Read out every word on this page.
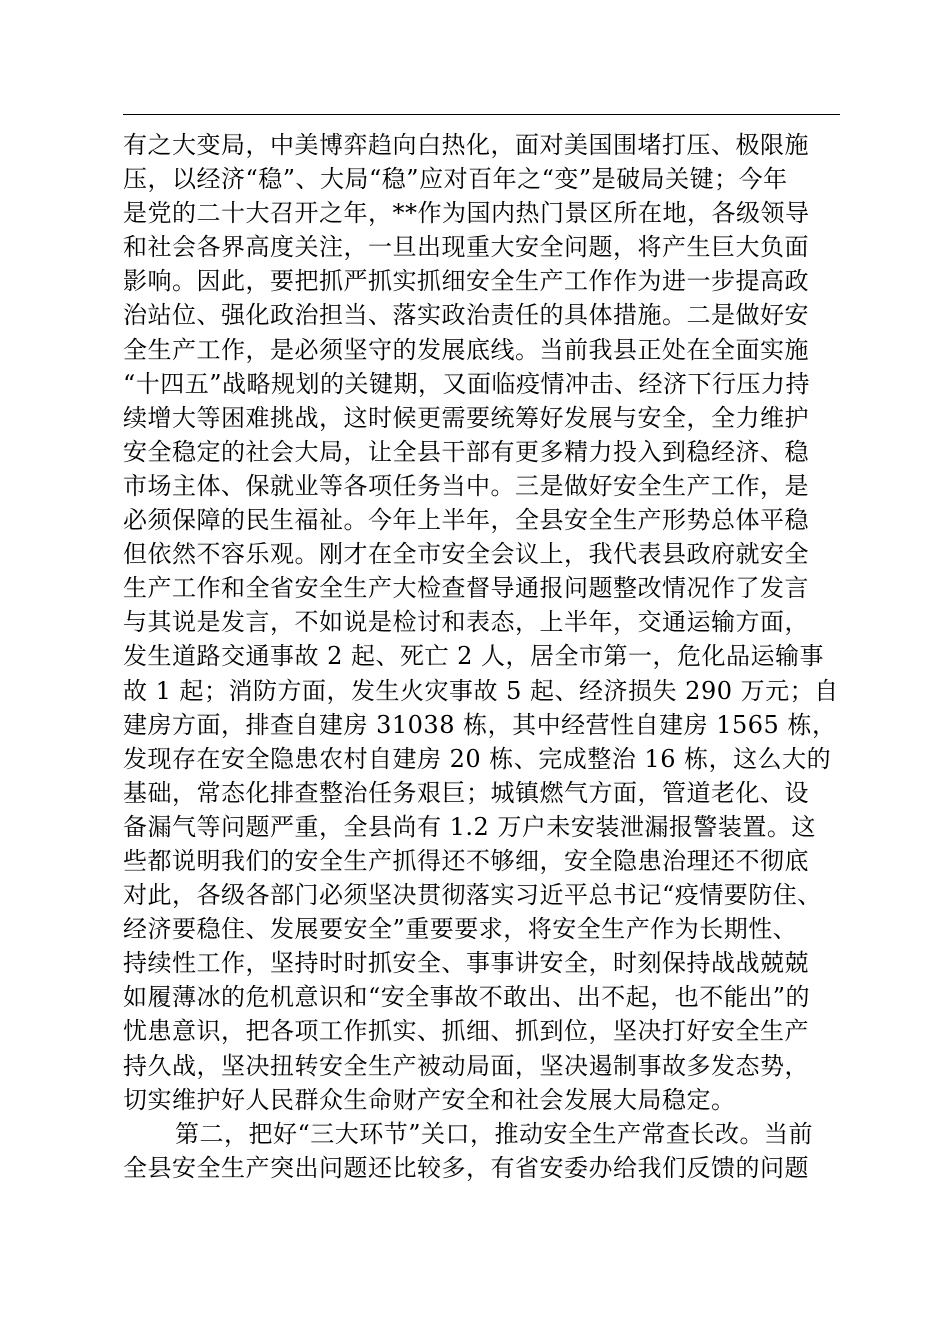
有之大变局，中美博弈趋向白热化，面对美国围堵打压、极限施
压，以经济“稳”、大局“稳”应对百年之“变”是破局关键；今年
是党的二十大召开之年，**作为国内热门景区所在地，各级领导
和社会各界高度关注，一旦出现重大安全问题，将产生巨大负面
影响。因此，要把抓严抓实抓细安全生产工作作为进一步提高政
治站位、强化政治担当、落实政治责任的具体措施。二是做好安
全生产工作，是必须坚守的发展底线。当前我县正处在全面实施
“十四五”战略规划的关键期，又面临疫情冲击、经济下行压力持
续增大等困难挑战，这时候更需要统筹好发展与安全，全力维护
安全稳定的社会大局，让全县干部有更多精力投入到稳经济、稳
市场主体、保就业等各项任务当中。三是做好安全生产工作，是
必须保障的民生福祉。今年上半年，全县安全生产形势总体平稳
但依然不容乐观。刚才在全市安全会议上，我代表县政府就安全
生产工作和全省安全生产大检查督导通报问题整改情况作了发言
与其说是发言，不如说是检讨和表态，上半年，交通运输方面，
发生道路交通事故 2 起、死亡 2 人，居全市第一，危化品运输事
故 1 起；消防方面，发生火灾事故 5 起、经济损失 290 万元；自
建房方面，排查自建房 31038 栋，其中经营性自建房 1565 栋，
发现存在安全隐患农村自建房 20 栋、完成整治 16 栋，这么大的
基础，常态化排查整治任务艰巨；城镇燃气方面，管道老化、设
备漏气等问题严重，全县尚有 1.2 万户未安装泄漏报警装置。这
些都说明我们的安全生产抓得还不够细，安全隐患治理还不彻底
对此，各级各部门必须坚决贯彻落实习近平总书记“疫情要防住、
经济要稳住、发展要安全”重要要求，将安全生产作为长期性、
持续性工作，坚持时时抓安全、事事讲安全，时刻保持战战兢兢
如履薄冰的危机意识和“安全事故不敢出、出不起，也不能出”的
忧患意识，把各项工作抓实、抓细、抓到位，坚决打好安全生产
持久战，坚决扭转安全生产被动局面，坚决遏制事故多发态势，
切实维护好人民群众生命财产安全和社会发展大局稳定。
第二，把好“三大环节”关口，推动安全生产常查长改。当前
全县安全生产突出问题还比较多，有省安委办给我们反馈的问题
